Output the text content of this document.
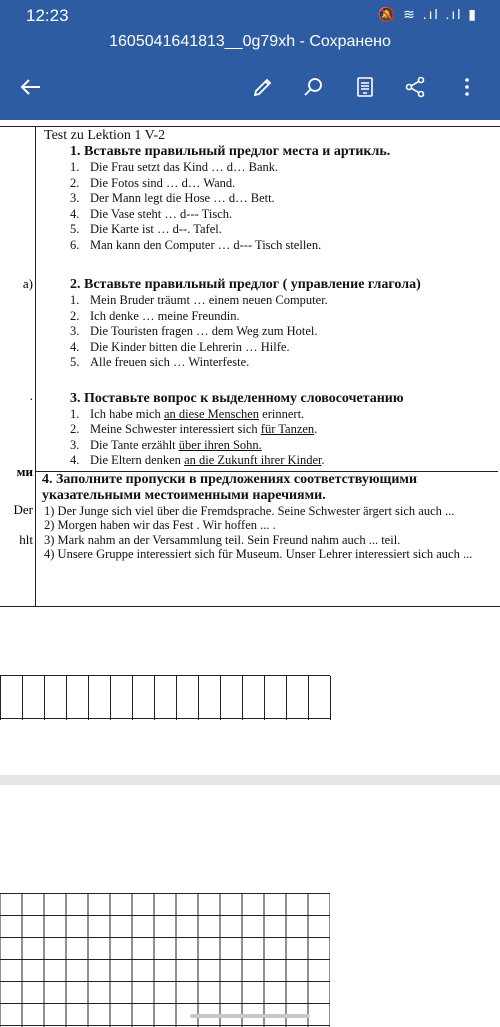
12:23	🔕 ≋ .ıl .ıl ▮
1605041641813__0g79xh - Сохранено
а)
.
ми
Der
hlt
Test zu Lektion 1 V-2
1. Вставьте правильный предлог места и артикль.
1. Die Frau setzt das Kind … d… Bank.
2. Die Fotos sind … d… Wand.
3. Der Mann legt die Hose … d… Bett.
4. Die Vase steht … d--- Tisch.
5. Die Karte ist … d--. Tafel.
6. Man kann den Computer … d--- Tisch stellen.
2. Вставьте правильный предлог ( управление глагола)
1. Mein Bruder träumt … einem neuen Computer.
2. Ich denke … meine Freundin.
3. Die Touristen fragen … dem Weg zum Hotel.
4. Die Kinder bitten die Lehrerin … Hilfe.
5. Alle freuen sich … Winterfeste.
3. Поставьте вопрос к выделенному словосочетанию
1. Ich habe mich an diese Menschen erinnert.
2. Meine Schwester interessiert sich für Tanzen.
3. Die Tante erzählt über ihren Sohn.
4. Die Eltern denken an die Zukunft ihrer Kinder.
4. Заполните пропуски в предложениях соответствующими указательными местоименными наречиями.

1) Der Junge sich viel über die Fremdsprache. Seine Schwester ärgert sich auch ...

2) Morgen haben wir das Fest . Wir hoffen ... .

3) Mark nahm an der Versammlung teil. Sein Freund nahm auch ... teil.

4) Unsere Gruppe interessiert sich für Museum. Unser Lehrer interessiert sich auch ...
